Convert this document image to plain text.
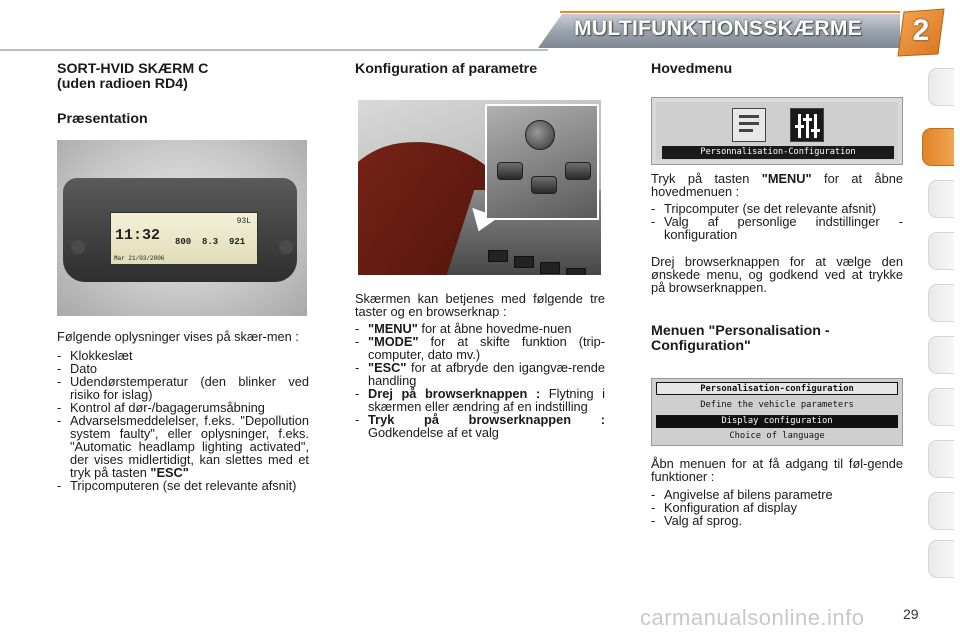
MULTIFUNKTIONSSKÆRME 2
SORT-HVID SKÆRM C
(uden radioen RD4)
Præsentation
93L
11:32 800  8.3  921
Mar 21/03/2006

Følgende oplysninger vises på skær-men :

- Klokkeslæt
- Dato
- Udendørstemperatur (den blinker ved risiko for islag)
- Kontrol af dør-/bagagerumsåbning
- Advarselsmeddelelser, f.eks. "Depollution system faulty", eller oplysninger, f.eks. "Automatic headlamp lighting activated", der vises midlertidigt, kan slettes med et tryk på tasten "ESC"
- Tripcomputeren (se det relevante afsnit)
Konfiguration af parametre

Skærmen kan betjenes med følgende tre taster og en browserknap :

- "MENU" for at åbne hovedme-nuen
- "MODE" for at skifte funktion (trip-computer, dato mv.)
- "ESC" for at afbryde den igangvæ-rende handling
- Drej på browserknappen : Flytning i skærmen eller ændring af en indstilling
- Tryk på browserknappen : Godkendelse af et valg
Hovedmenu
Personnalisation-Configuration

Tryk på tasten "MENU" for at åbne hovedmenuen :

- Tripcomputer (se det relevante afsnit)
- Valg af personlige indstillinger - konfiguration

Drej browserknappen for at vælge den ønskede menu, og godkend ved at trykke på browserknappen.

Menuen "Personalisation -
Configuration"
Personalisation-configuration
Define the vehicle parameters
Display configuration
Choice of language

Åbn menuen for at få adgang til føl-gende funktioner :

- Angivelse af bilens parametre
- Konfiguration af display
- Valg af sprog.
carmanualsonline.info	29
